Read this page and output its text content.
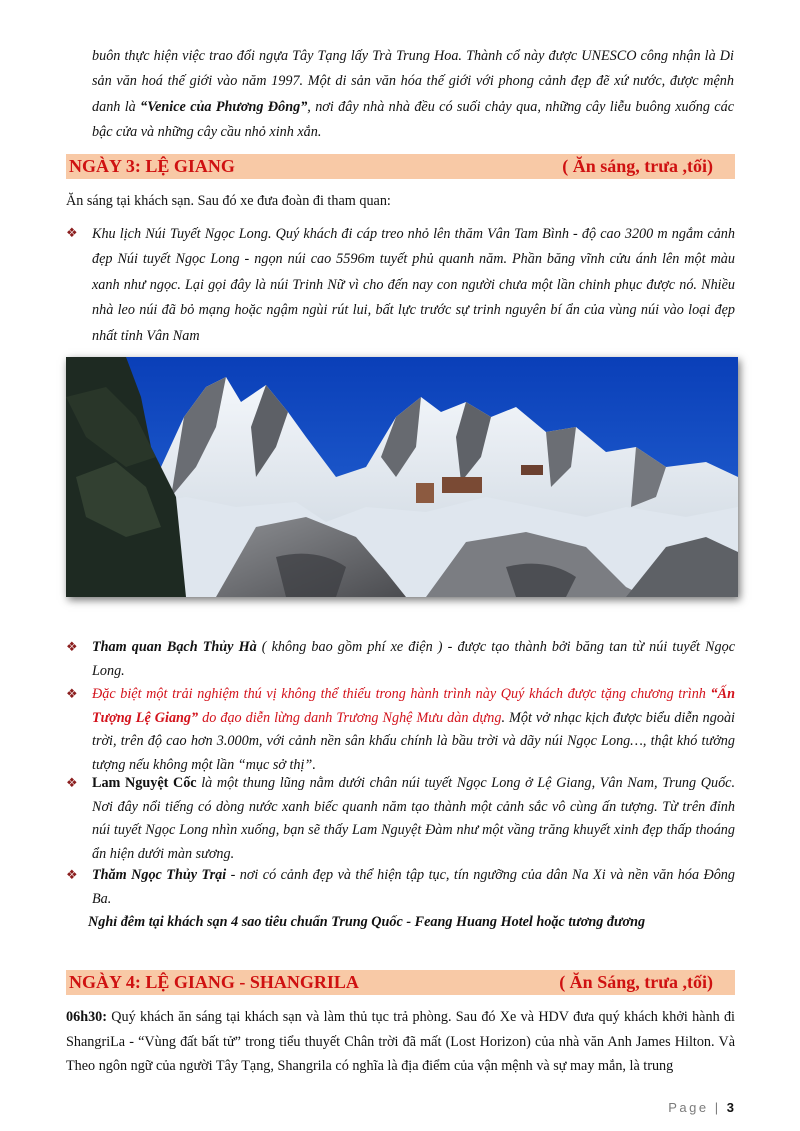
buôn thực hiện việc trao đổi ngựa Tây Tạng lấy Trà Trung Hoa. Thành cổ này được UNESCO công nhận là Di sản văn hoá thế giới vào năm 1997. Một di sản văn hóa thế giới với phong cảnh đẹp đẽ xứ nước, được mệnh danh là “Venice của Phương Đông”, nơi đây nhà nhà đều có suối chảy qua, những cây liễu buông xuống các bậc cửa và những cây cầu nhỏ xinh xắn.

NGÀY 3: LỆ GIANG	( Ăn sáng, trưa ,tối)

Ăn sáng tại khách sạn. Sau đó xe đưa đoàn đi tham quan:

❖	Khu lịch Núi Tuyết Ngọc Long. Quý khách đi cáp treo nhỏ lên thăm Vân Tam Bình - độ cao 3200 m ngắm cảnh đẹp Núi tuyết Ngọc Long - ngọn núi cao 5596m tuyết phủ quanh năm. Phần băng vĩnh cửu ánh lên một màu xanh như ngọc. Lại gọi đây là núi Trinh Nữ vì cho đến nay con người chưa một lần chinh phục được nó. Nhiều nhà leo núi đã bỏ mạng hoặc ngậm ngùi rút lui, bất lực trước sự trinh nguyên bí ẩn của vùng núi vào loại đẹp nhất tỉnh Vân Nam

❖	Tham quan Bạch Thủy Hà ( không bao gồm phí xe điện ) - được tạo thành bởi băng tan từ núi tuyết Ngọc Long.

❖	Đặc biệt một trải nghiệm thú vị không thể thiếu trong hành trình này Quý khách được tặng chương trình “Ấn Tượng Lệ Giang” do đạo diễn lừng danh Trương Nghệ Mưu dàn dựng. Một vở nhạc kịch được biểu diễn ngoài trời, trên độ cao hơn 3.000m, với cảnh nền sân khấu chính là bầu trời và dãy núi Ngọc Long…, thật khó tưởng tượng nếu không một lần “mục sở thị”.

❖	Lam Nguyệt Cốc là một thung lũng nằm dưới chân núi tuyết Ngọc Long ở Lệ Giang, Vân Nam, Trung Quốc. Nơi đây nổi tiếng có dòng nước xanh biếc quanh năm tạo thành một cảnh sắc vô cùng ấn tượng. Từ trên đỉnh núi tuyết Ngọc Long nhìn xuống, bạn sẽ thấy Lam Nguyệt Đàm như một vầng trăng khuyết xinh đẹp thấp thoáng ẩn hiện dưới màn sương.

❖	Thăm Ngọc Thủy Trại - nơi có cảnh đẹp và thể hiện tập tục, tín ngưỡng của dân Na Xi và nền văn hóa Đông Ba.

Nghỉ đêm tại khách sạn 4 sao tiêu chuẩn Trung Quốc - Feang Huang Hotel hoặc tương đương

NGÀY 4: LỆ GIANG - SHANGRILA	( Ăn Sáng, trưa ,tối)

06h30: Quý khách ăn sáng tại khách sạn và làm thủ tục trả phòng. Sau đó Xe và HDV đưa quý khách khởi hành đi ShangriLa - “Vùng đất bất tử” trong tiểu thuyết Chân trời đã mất (Lost Horizon) của nhà văn Anh James Hilton. Và Theo ngôn ngữ của người Tây Tạng, Shangrila có nghĩa là địa điểm của vận mệnh và sự may mắn, là trung

Page | 3
